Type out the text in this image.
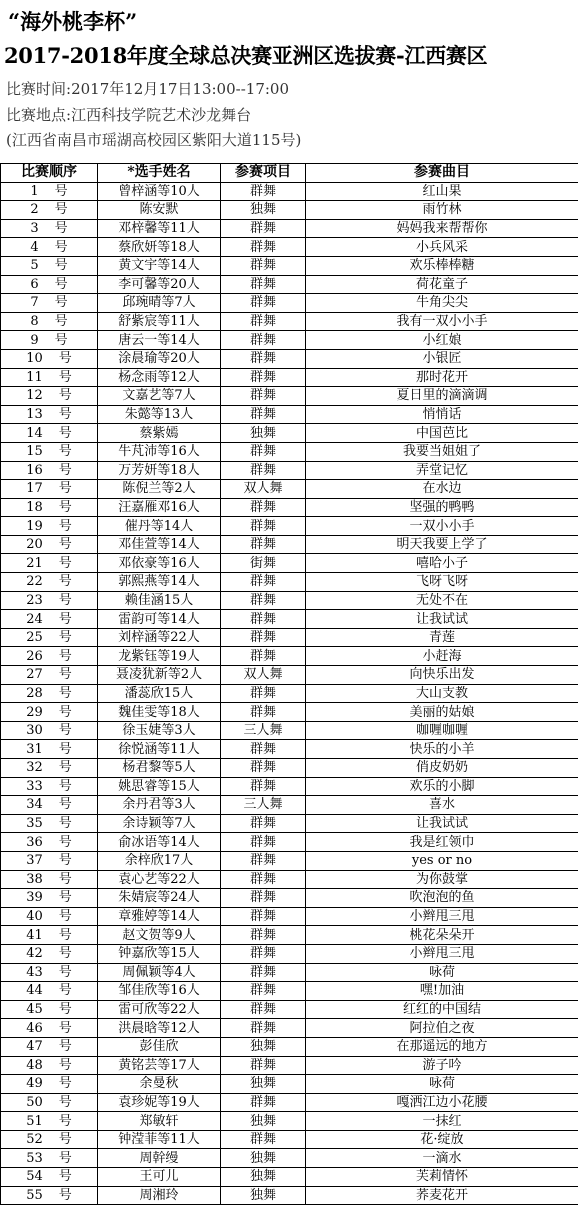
“海外桃李杯”
2017-2018年度全球总决赛亚洲区选拔赛-江西赛区
比赛时间:2017年12月17日13:00--17:00
比赛地点:江西科技学院艺术沙龙舞台
(江西省南昌市瑶湖高校园区紫阳大道115号)
比赛顺序	*选手姓名	参赛项目	参赛曲目
1 号	曾梓涵等10人	群舞	红山果
2 号	陈安默	独舞	雨竹林
3 号	邓梓馨等11人	群舞	妈妈我来帮帮你
4 号	蔡欣妍等18人	群舞	小兵风采
5 号	黄文宇等14人	群舞	欢乐棒棒糖
6 号	李可馨等20人	群舞	荷花童子
7 号	邱琬晴等7人	群舞	牛角尖尖
8 号	舒紫宸等11人	群舞	我有一双小小手
9 号	唐云一等14人	群舞	小红娘
10 号	涂晨瑜等20人	群舞	小银匠
11 号	杨念雨等12人	群舞	那时花开
12 号	文嘉艺等7人	群舞	夏日里的滴滴调
13 号	朱懿等13人	群舞	悄悄话
14 号	蔡紫嫣	独舞	中国芭比
15 号	牛芃沛等16人	群舞	我要当姐姐了
16 号	万芳妍等18人	群舞	弄堂记忆
17 号	陈倪兰等2人	双人舞	在水边
18 号	汪嘉雁邓16人	群舞	坚强的鸭鸭
19 号	催丹等14人	群舞	一双小小手
20 号	邓佳萱等14人	群舞	明天我要上学了
21 号	邓依豪等16人	街舞	嘻哈小子
22 号	郭熙燕等14人	群舞	飞呀飞呀
23 号	赖佳涵15人	群舞	无处不在
24 号	雷韵可等14人	群舞	让我试试
25 号	刘梓涵等22人	群舞	青莲
26 号	龙紫钰等19人	群舞	小赶海
27 号	聂凌犹新等2人	双人舞	向快乐出发
28 号	潘蕊欣15人	群舞	大山支教
29 号	魏佳雯等18人	群舞	美丽的姑娘
30 号	徐玉婕等3人	三人舞	咖喱咖喱
31 号	徐悦涵等11人	群舞	快乐的小羊
32 号	杨君黎等5人	群舞	俏皮奶奶
33 号	姚思睿等15人	群舞	欢乐的小脚
34 号	余丹君等3人	三人舞	喜水
35 号	余诗颖等7人	群舞	让我试试
36 号	俞冰语等14人	群舞	我是红领巾
37 号	余梓欣17人	群舞	yes or no
38 号	袁心艺等22人	群舞	为你鼓掌
39 号	朱婧宸等24人	群舞	吹泡泡的鱼
40 号	章雅婷等14人	群舞	小辫甩三甩
41 号	赵文贺等9人	群舞	桃花朵朵开
42 号	钟嘉欣等15人	群舞	小辫甩三甩
43 号	周佩颖等4人	群舞	咏荷
44 号	邹佳欣等16人	群舞	嘿!加油
45 号	雷可欣等22人	群舞	红红的中国结
46 号	洪晨晗等12人	群舞	阿拉伯之夜
47 号	彭佳欣	独舞	在那遥远的地方
48 号	黄铭芸等17人	群舞	游子吟
49 号	余曼秋	独舞	咏荷
50 号	袁珍妮等19人	群舞	嘎洒江边小花腰
51 号	郑敏轩	独舞	一抹红
52 号	钟滢菲等11人	群舞	花·绽放
53 号	周幹缦	独舞	一滴水
54 号	王可儿	独舞	芙莉情怀
55 号	周湘玲	独舞	荞麦花开
